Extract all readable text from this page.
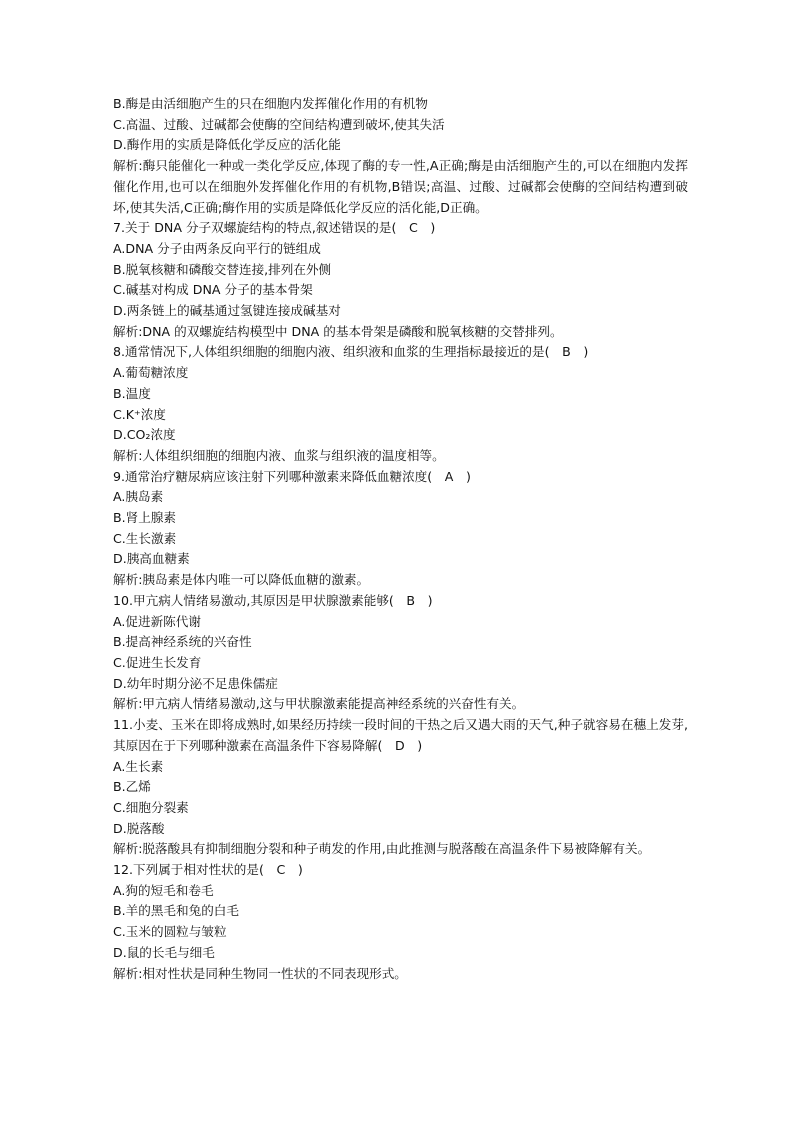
B.酶是由活细胞产生的只在细胞内发挥催化作用的有机物
C.高温、过酸、过碱都会使酶的空间结构遭到破坏,使其失活
D.酶作用的实质是降低化学反应的活化能
解析:酶只能催化一种或一类化学反应,体现了酶的专一性,A正确;酶是由活细胞产生的,可以在细胞内发挥催化作用,也可以在细胞外发挥催化作用的有机物,B错误;高温、过酸、过碱都会使酶的空间结构遭到破坏,使其失活,C正确;酶作用的实质是降低化学反应的活化能,D正确。
7.关于 DNA 分子双螺旋结构的特点,叙述错误的是(　C　)
A.DNA 分子由两条反向平行的链组成
B.脱氧核糖和磷酸交替连接,排列在外侧
C.碱基对构成 DNA 分子的基本骨架
D.两条链上的碱基通过氢键连接成碱基对
解析:DNA 的双螺旋结构模型中 DNA 的基本骨架是磷酸和脱氧核糖的交替排列。
8.通常情况下,人体组织细胞的细胞内液、组织液和血浆的生理指标最接近的是(　B　)
A.葡萄糖浓度
B.温度
C.K⁺浓度
D.CO₂浓度
解析:人体组织细胞的细胞内液、血浆与组织液的温度相等。
9.通常治疗糖尿病应该注射下列哪种激素来降低血糖浓度(　A　)
A.胰岛素
B.肾上腺素
C.生长激素
D.胰高血糖素
解析:胰岛素是体内唯一可以降低血糖的激素。
10.甲亢病人情绪易激动,其原因是甲状腺激素能够(　B　)
A.促进新陈代谢
B.提高神经系统的兴奋性
C.促进生长发育
D.幼年时期分泌不足患侏儒症
解析:甲亢病人情绪易激动,这与甲状腺激素能提高神经系统的兴奋性有关。
11.小麦、玉米在即将成熟时,如果经历持续一段时间的干热之后又遇大雨的天气,种子就容易在穗上发芽,其原因在于下列哪种激素在高温条件下容易降解(　D　)
A.生长素
B.乙烯
C.细胞分裂素
D.脱落酸
解析:脱落酸具有抑制细胞分裂和种子萌发的作用,由此推测与脱落酸在高温条件下易被降解有关。
12.下列属于相对性状的是(　C　)
A.狗的短毛和卷毛
B.羊的黑毛和兔的白毛
C.玉米的圆粒与皱粒
D.鼠的长毛与细毛
解析:相对性状是同种生物同一性状的不同表现形式。
